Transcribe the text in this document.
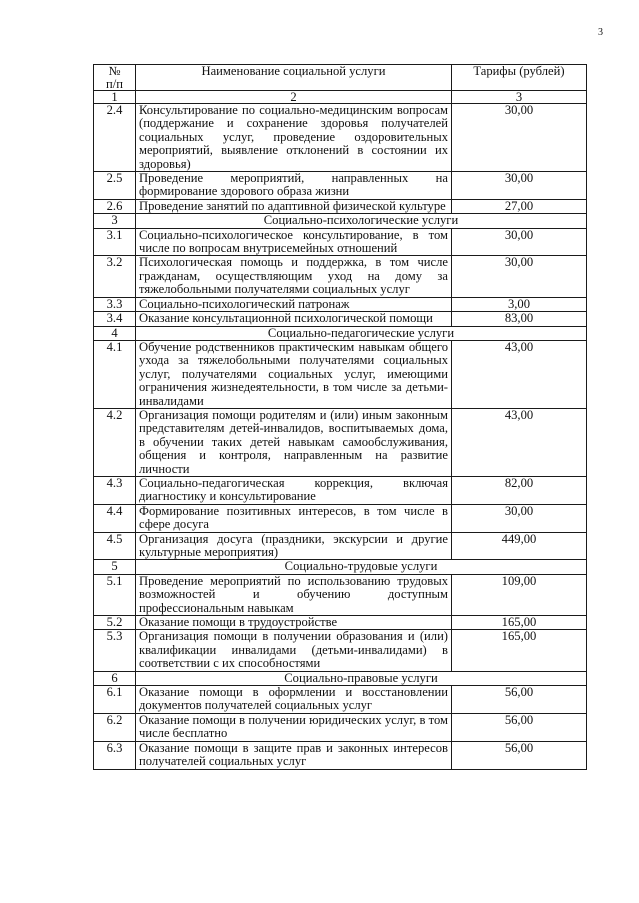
3
№
п/п	Наименование социальной услуги	Тарифы (рублей)
1	2	3
2.4	Консультирование по социально-медицинским вопросам (поддержание и сохранение здоровья получателей социальных услуг, проведение оздоровительных мероприятий, выявление отклонений в состоянии их здоровья)	30,00
2.5	Проведение мероприятий, направленных на формирование здорового образа жизни	30,00
2.6	Проведение занятий по адаптивной физической культуре	27,00
3	Социально-психологические услуги	
3.1	Социально-психологическое консультирование, в том числе по вопросам внутрисемейных отношений	30,00
3.2	Психологическая помощь и поддержка, в том числе гражданам, осуществляющим уход на дому за тяжелобольными получателями социальных услуг	30,00
3.3	Социально-психологический патронаж	3,00
3.4	Оказание консультационной психологической помощи	83,00
4	Социально-педагогические услуги	
4.1	Обучение родственников практическим навыкам общего ухода за тяжелобольными получателями социальных услуг, получателями социальных услуг, имеющими ограничения жизнедеятельности, в том числе за детьми-инвалидами	43,00
4.2	Организация помощи родителям и (или) иным законным представителям детей-инвалидов, воспитываемых дома, в обучении таких детей навыкам самообслуживания, общения и контроля, направленным на развитие личности	43,00
4.3	Социально-педагогическая коррекция, включая диагностику и консультирование	82,00
4.4	Формирование позитивных интересов, в том числе в сфере досуга	30,00
4.5	Организация досуга (праздники, экскурсии и другие культурные мероприятия)	449,00
5	Социально-трудовые услуги	
5.1	Проведение мероприятий по использованию трудовых возможностей и обучению доступным профессиональным навыкам	109,00
5.2	Оказание помощи в трудоустройстве	165,00
5.3	Организация помощи в получении образования и (или) квалификации инвалидами (детьми-инвалидами) в соответствии с их способностями	165,00
6	Социально-правовые услуги	
6.1	Оказание помощи в оформлении и восстановлении документов получателей социальных услуг	56,00
6.2	Оказание помощи в получении юридических услуг, в том числе бесплатно	56,00
6.3	Оказание помощи в защите прав и законных интересов получателей социальных услуг	56,00
